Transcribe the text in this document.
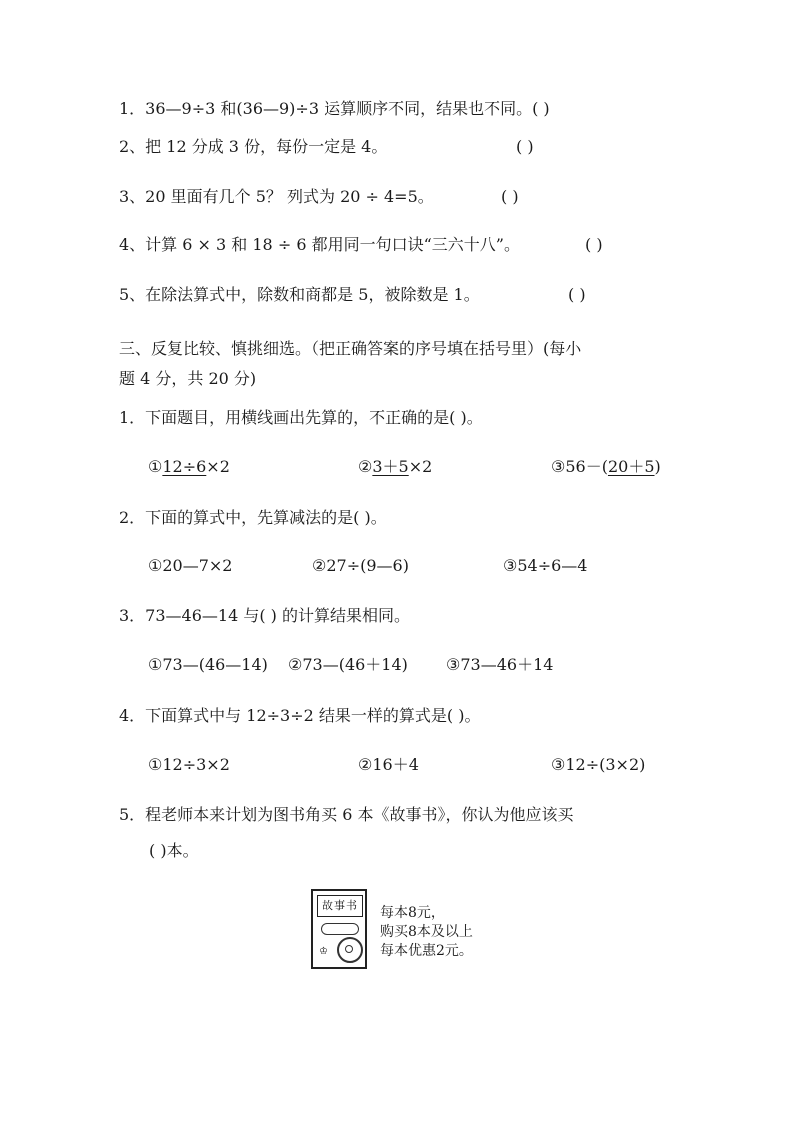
1．36—9÷3 和(36—9)÷3 运算顺序不同，结果也不同。( )
2、把 12 分成 3 份，每份一定是 4。	( )
3、20 里面有几个 5？ 列式为 20 ÷ 4=5。	( )
4、计算 6 × 3 和 18 ÷ 6 都用同一句口诀“三六十八”。	( )
5、在除法算式中，除数和商都是 5，被除数是 1。	( )
三、反复比较、慎挑细选。（把正确答案的序号填在括号里）(每小
题 4 分，共 20 分)
1．下面题目，用横线画出先算的，不正确的是( )。
①12÷6×2	②3＋5×2	③56－(20＋5)
2．下面的算式中，先算减法的是( )。
①20—7×2	②27÷(9—6)	③54÷6—4
3．73—46—14 与( ) 的计算结果相同。
①73—(46—14) ②73—(46＋14) ③73—46＋14
4．下面算式中与 12÷3÷2 结果一样的算式是( )。
①12÷3×2	②16＋4	③12÷(3×2)
5．程老师本来计划为图书角买 6 本《故事书》，你认为他应该买
( )本。
故事书
♔
每本8元，
购买8本及以上
每本优惠2元。
